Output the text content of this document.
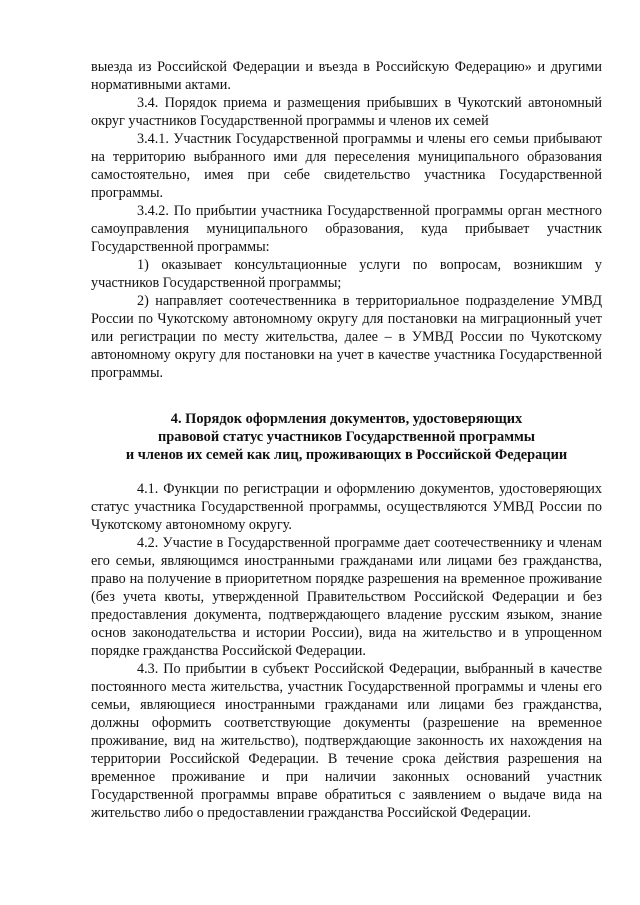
выезда из Российской Федерации и въезда в Российскую Федерацию» и другими нормативными актами.

3.4. Порядок приема и размещения прибывших в Чукотский автономный округ участников Государственной программы и членов их семей

3.4.1. Участник Государственной программы и члены его семьи прибывают на территорию выбранного ими для переселения муниципального образования самостоятельно, имея при себе свидетельство участника Государственной программы.

3.4.2. По прибытии участника Государственной программы орган местного самоуправления муниципального образования, куда прибывает участник Государственной программы:

1) оказывает консультационные услуги по вопросам, возникшим у участников Государственной программы;

2) направляет соотечественника в территориальное подразделение УМВД России по Чукотскому автономному округу для постановки на миграционный учет или регистрации по месту жительства, далее – в УМВД России по Чукотскому автономному округу для постановки на учет в качестве участника Государственной программы.

4. Порядок оформления документов, удостоверяющих
правовой статус участников Государственной программы
и членов их семей как лиц, проживающих в Российской Федерации

4.1. Функции по регистрации и оформлению документов, удостоверяющих статус участника Государственной программы, осуществляются УМВД России по Чукотскому автономному округу.

4.2. Участие в Государственной программе дает соотечественнику и членам его семьи, являющимся иностранными гражданами или лицами без гражданства, право на получение в приоритетном порядке разрешения на временное проживание (без учета квоты, утвержденной Правительством Российской Федерации и без предоставления документа, подтверждающего владение русским языком, знание основ законодательства и истории России), вида на жительство и в упрощенном порядке гражданства Российской Федерации.

4.3. По прибытии в субъект Российской Федерации, выбранный в качестве постоянного места жительства, участник Государственной программы и члены его семьи, являющиеся иностранными гражданами или лицами без гражданства, должны оформить соответствующие документы (разрешение на временное проживание, вид на жительство), подтверждающие законность их нахождения на территории Российской Федерации. В течение срока действия разрешения на временное проживание и при наличии законных оснований участник Государственной программы вправе обратиться с заявлением о выдаче вида на жительство либо о предоставлении гражданства Российской Федерации.
